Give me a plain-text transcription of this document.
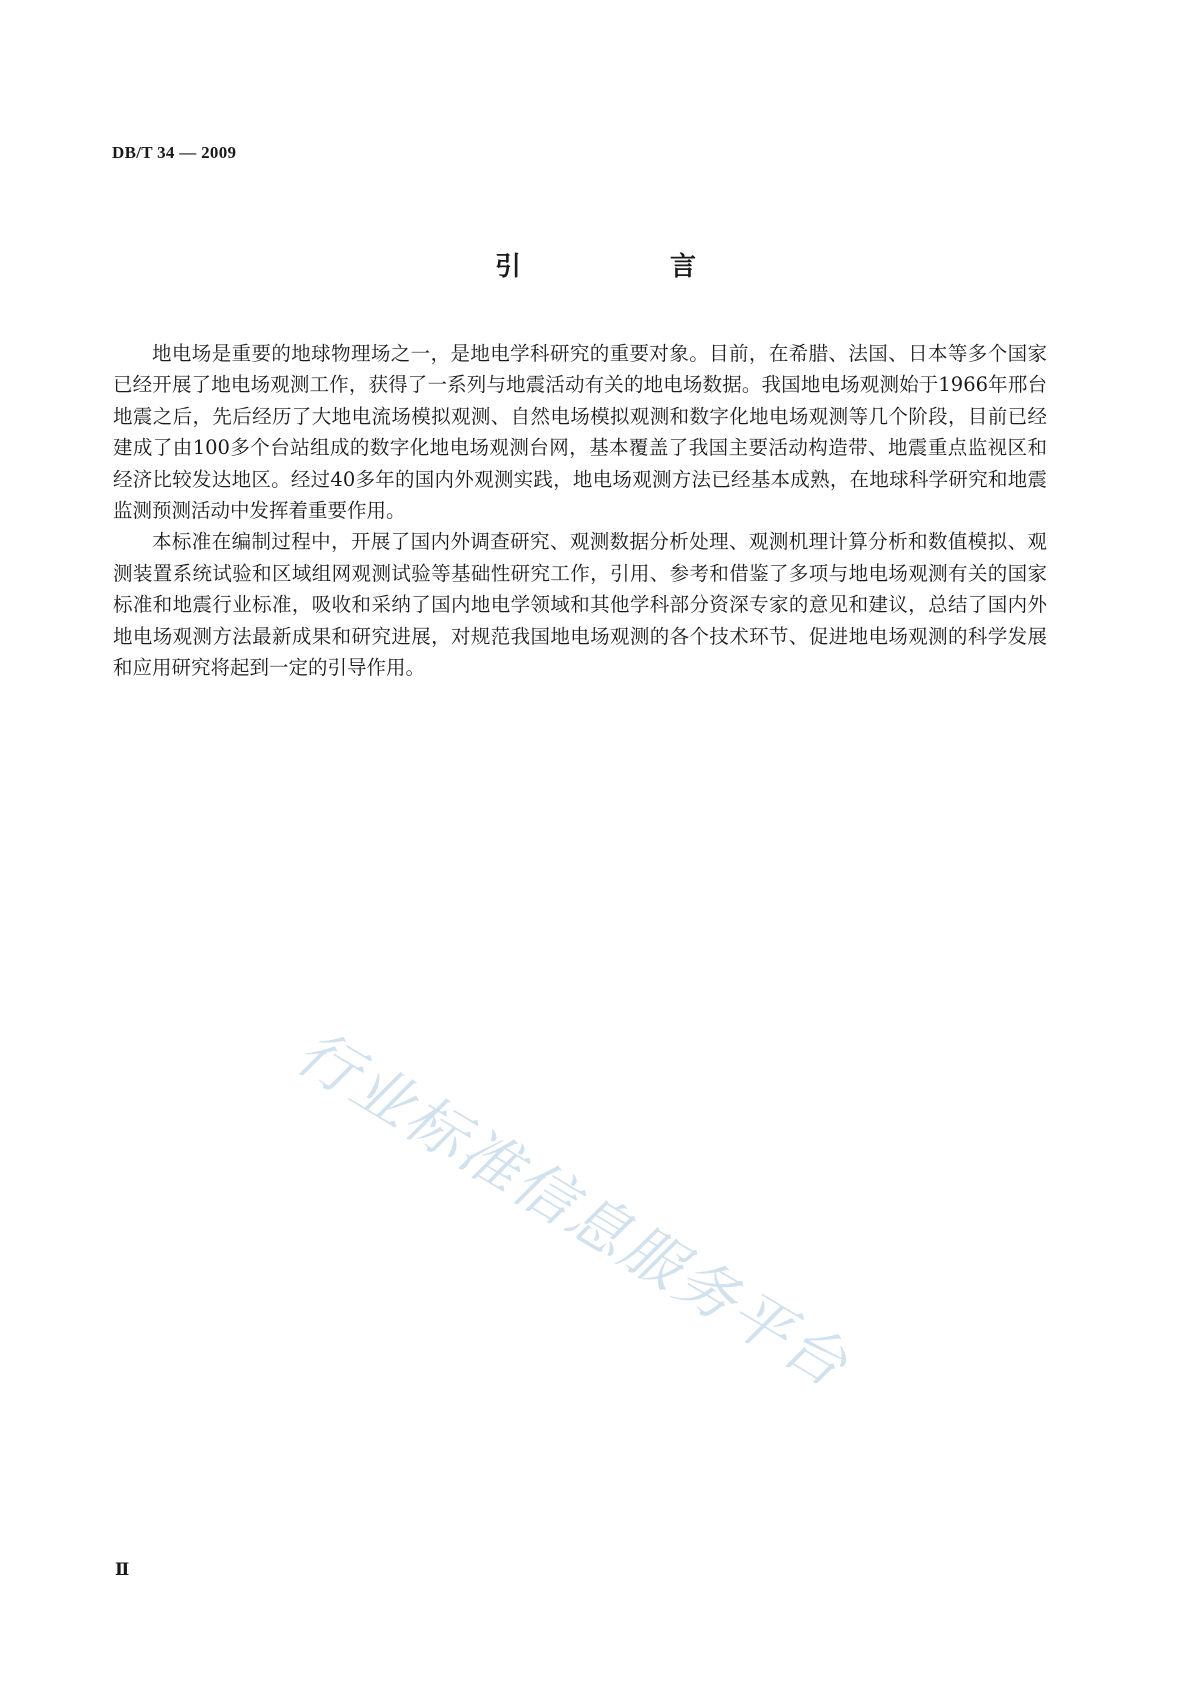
DB/T 34 — 2009
引 言

地电场是重要的地球物理场之一，是地电学科研究的重要对象。目前，在希腊、法国、日本等多个国家已经开展了地电场观测工作，获得了一系列与地震活动有关的地电场数据。我国地电场观测始于1966年邢台地震之后，先后经历了大地电流场模拟观测、自然电场模拟观测和数字化地电场观测等几个阶段，目前已经建成了由100多个台站组成的数字化地电场观测台网，基本覆盖了我国主要活动构造带、地震重点监视区和经济比较发达地区。经过40多年的国内外观测实践，地电场观测方法已经基本成熟，在地球科学研究和地震监测预测活动中发挥着重要作用。

本标准在编制过程中，开展了国内外调查研究、观测数据分析处理、观测机理计算分析和数值模拟、观测装置系统试验和区域组网观测试验等基础性研究工作，引用、参考和借鉴了多项与地电场观测有关的国家标准和地震行业标准，吸收和采纳了国内地电学领域和其他学科部分资深专家的意见和建议，总结了国内外地电场观测方法最新成果和研究进展，对规范我国地电场观测的各个技术环节、促进地电场观测的科学发展和应用研究将起到一定的引导作用。

行业标准信息服务平台
Ⅱ
